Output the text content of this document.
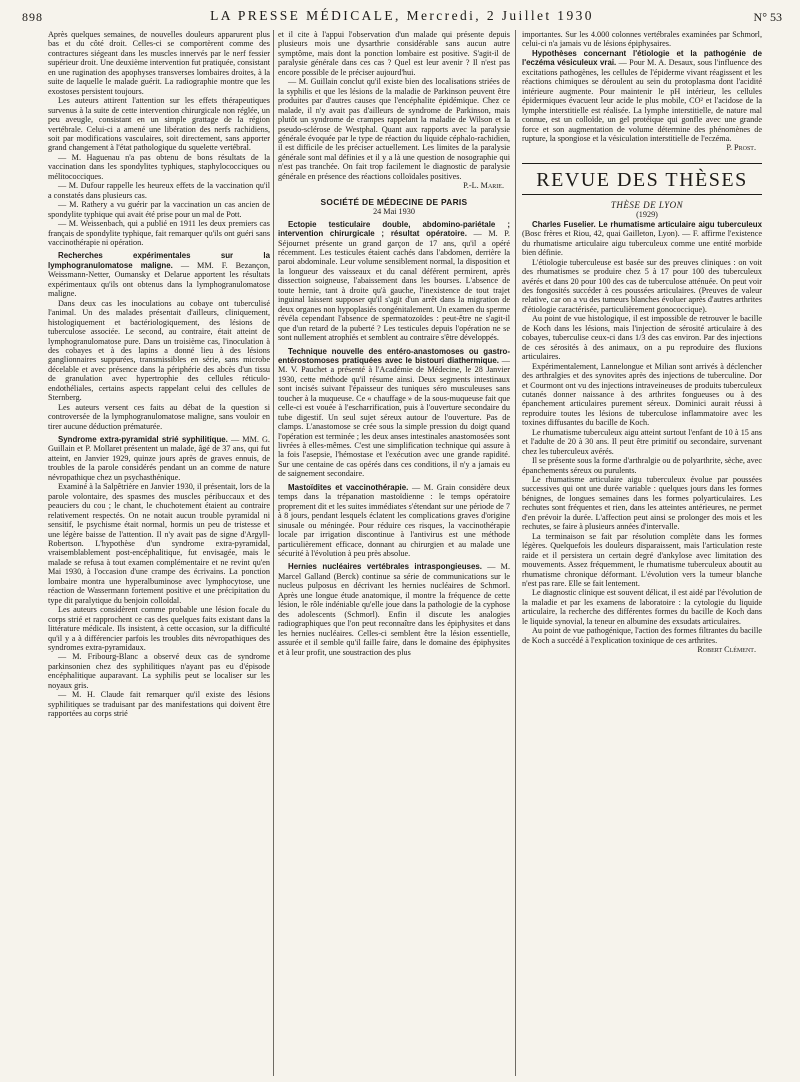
898	LA PRESSE MÉDICALE, Mercredi, 2 Juillet 1930	N° 53

Après quelques semaines, de nouvelles douleurs apparurent plus bas et du côté droit. Celles-ci se comportèrent comme des contractures siégeant dans les muscles innervés par le nerf fessier supérieur droit. Une deuxième intervention fut pratiquée, consistant en une rugination des apophyses transverses lombaires droites, à la suite de laquelle le malade guérit. La radiographie montre que les exostoses persistent toujours.

Les auteurs attirent l'attention sur les effets thérapeutiques survenus à la suite de cette intervention chirurgicale non réglée, un peu aveugle, consistant en un simple grattage de la région vertébrale. Celui-ci a amené une libération des nerfs rachidiens, soit par modifications vasculaires, soit directement, sans apporter grand changement à l'état pathologique du squelette vertébral.

— M. Haguenau n'a pas obtenu de bons résultats de la vaccination dans les spondylites typhiques, staphylococciques ou mélitococciques.

— M. Dufour rappelle les heureux effets de la vaccination qu'il a constatés dans plusieurs cas.

— M. Rathery a vu guérir par la vaccination un cas ancien de spondylite typhique qui avait été prise pour un mal de Pott.

— M. Weissenbach, qui a publié en 1911 les deux premiers cas français de spondylite typhique, fait remarquer qu'ils ont guéri sans vaccinothérapie ni opération.

Recherches expérimentales sur la lymphogranulomatose maligne. — MM. F. Bezançon, Weissmann-Netter, Oumansky et Delarue apportent les résultats expérimentaux qu'ils ont obtenus dans la lymphogranulomatose maligne.

Dans deux cas les inoculations au cobaye ont tuberculisé l'animal. Un des malades présentait d'ailleurs, cliniquement, histologiquement et bactériologiquement, des lésions de tuberculose associée. Le second, au contraire, était atteint de lymphogranulomatose pure. Dans un troisième cas, l'inoculation à des cobayes et à des lapins a donné lieu à des lésions ganglionnaires suppurées, transmissibles en série, sans microbe décelable et avec présence dans la périphérie des abcès d'un tissu de granulation avec hypertrophie des cellules réticulo-endothéliales, certains aspects rappelant celui des cellules de Sternberg.

Les auteurs versent ces faits au débat de la question si controversée de la lymphogranulomatose maligne, sans vouloir en tirer aucune déduction prématurée.

Syndrome extra-pyramidal strié syphilitique. — MM. G. Guillain et P. Mollaret présentent un malade, âgé de 37 ans, qui fut atteint, en Janvier 1929, quinze jours après de graves ennuis, de troubles de la parole considérés pendant un an comme de nature névropathique chez un psychasthénique.

Examiné à la Salpêtrière en Janvier 1930, il présentait, lors de la parole volontaire, des spasmes des muscles péribuccaux et des peauciers du cou ; le chant, le chuchotement étaient au contraire relativement respectés. On ne notait aucun trouble pyramidal ni sensitif, le psychisme était normal, hormis un peu de tristesse et une légère baisse de l'attention. Il n'y avait pas de signe d'Argyll-Robertson. L'hypothèse d'un syndrome extra-pyramidal, vraisemblablement post-encéphalitique, fut envisagée, mais le malade se refusa à tout examen complémentaire et ne revint qu'en Mai 1930, à l'occasion d'une crampe des écrivains. La ponction lombaire montra une hyperalbuminose avec lymphocytose, une réaction de Wassermann fortement positive et une précipitation du type dit paralytique du benjoin colloïdal.

Les auteurs considèrent comme probable une lésion focale du corps strié et rapprochent ce cas des quelques faits existant dans la littérature médicale. Ils insistent, à cette occasion, sur la difficulté qu'il y a à différencier parfois les troubles dits névropathiques des syndromes extra-pyramidaux.

— M. Fribourg-Blanc a observé deux cas de syndrome parkinsonien chez des syphilitiques n'ayant pas eu d'épisode encéphalitique auparavant. La syphilis peut se localiser sur les noyaux gris.

— M. H. Claude fait remarquer qu'il existe des lésions syphilitiques se traduisant par des manifestations qui doivent être rapportées au corps strié

et il cite à l'appui l'observation d'un malade qui présente depuis plusieurs mois une dysarthrie considérable sans aucun autre symptôme, mais dont la ponction lombaire est positive. S'agit-il de paralysie générale dans ces cas ? Quel est leur avenir ? Il n'est pas encore possible de le préciser aujourd'hui.

— M. Guillain conclut qu'il existe bien des localisations striées de la syphilis et que les lésions de la maladie de Parkinson peuvent être produites par d'autres causes que l'encéphalite épidémique. Chez ce malade, il n'y avait pas d'ailleurs de syndrome de Parkinson, mais plutôt un syndrome de crampes rappelant la maladie de Wilson et la pseudo-sclérose de Westphal. Quant aux rapports avec la paralysie générale évoquée par le type de réaction du liquide céphalo-rachidien, il est difficile de les préciser actuellement. Les limites de la paralysie générale sont mal définies et il y a là une question de nosographie qui n'est pas tranchée. On fait trop facilement le diagnostic de paralysie générale en présence des réactions colloïdales positives.

P.-L. Marie.

SOCIÉTÉ DE MÉDECINE DE PARIS

24 Mai 1930

Ectopie testiculaire double, abdomino-pariétale ; intervention chirurgicale ; résultat opératoire. — M. P. Séjournet présente un grand garçon de 17 ans, qu'il a opéré récemment. Les testicules étaient cachés dans l'abdomen, derrière la paroi abdominale. Leur volume sensiblement normal, la disposition et la longueur des vaisseaux et du canal déférent permirent, après dissection soigneuse, l'abaissement dans les bourses. L'absence de toute hernie, tant à droite qu'à gauche, l'inexistence de tout trajet inguinal laissent supposer qu'il s'agit d'un arrêt dans la migration de deux organes non hypoplasiés congénitalement. Un examen du sperme révéla cependant l'absence de spermatozoïdes : peut-être ne s'agit-il que d'un retard de la puberté ? Les testicules depuis l'opération ne se sont nullement atrophiés et semblent au contraire s'être développés.

Technique nouvelle des entéro-anastomoses ou gastro-entérostomoses pratiquées avec le bistouri diathermique. — M. V. Pauchet a présenté à l'Académie de Médecine, le 28 Janvier 1930, cette méthode qu'il résume ainsi. Deux segments intestinaux sont incisés suivant l'épaisseur des tuniques séro musculeuses sans toucher à la muqueuse. Ce « chauffage » de la sous-muqueuse fait que celle-ci est vouée à l'escharrification, puis à l'ouverture secondaire du tube digestif. Un seul sujet séreux autour de l'ouverture. Pas de clamps. L'anastomose se crée sous la simple pression du doigt quand l'opération est terminée ; les deux anses intestinales anastomosées sont livrées à elles-mêmes. C'est une simplification technique qui assure à la fois l'asepsie, l'hémostase et l'exécution avec une grande rapidité. Sur une centaine de cas opérés dans ces conditions, il n'y a jamais eu de saignement secondaire.

Mastoïdites et vaccinothérapie. — M. Grain considère deux temps dans la trépanation mastoïdienne : le temps opératoire proprement dit et les suites immédiates s'étendant sur une période de 7 à 8 jours, pendant lesquels éclatent les complications graves d'origine sinusale ou méningée. Pour réduire ces risques, la vaccinothérapie locale par irrigation discontinue à l'antivirus est une méthode particulièrement efficace, donnant au chirurgien et au malade une sécurité à l'évolution à peu près absolue.

Hernies nucléaires vertébrales intraspongieuses. — M. Marcel Galland (Berck) continue sa série de communications sur le nucleus pulposus en décrivant les hernies nucléaires de Schmorl. Après une longue étude anatomique, il montre la fréquence de cette lésion, le rôle indéniable qu'elle joue dans la pathologie de la cyphose des adolescents (Schmorl). Enfin il discute les analogies radiographiques que l'on peut reconnaître dans les épiphysites et dans les hernies nucléaires. Celles-ci semblent être la lésion essentielle, assurée et il semble qu'il faille faire, dans le domaine des épiphysites et à leur profit, une soustraction des plus

importantes. Sur les 4.000 colonnes vertébrales examinées par Schmorl, celui-ci n'a jamais vu de lésions épiphysaires.

Hypothèses concernant l'étiologie et la pathogénie de l'eczéma vésiculeux vrai. — Pour M. A. Desaux, sous l'influence des excitations pathogènes, les cellules de l'épiderme vivant réagissent et les réactions chimiques se déroulent au sein du protoplasma dont l'acidité intérieure augmente. Pour maintenir le pH intérieur, les cellules épidermiques évacuent leur acide le plus mobile, CO² et l'acidose de la lymphe interstitielle est réalisée. La lymphe interstitielle, de nature mal connue, est un colloïde, un gel protéique qui gonfle avec une grande force et son augmentation de volume détermine des phénomènes de rupture, la spongiose et la vésiculation interstitielle de l'eczéma.

P. Prost.

REVUE DES THÈSES

THÈSE DE LYON

(1929)

Charles Fuselier. Le rhumatisme articulaire aigu tuberculeux (Bosc frères et Riou, 42, quai Gailleton, Lyon). — F. affirme l'existence du rhumatisme articulaire aigu tuberculeux comme une entité morbide bien définie.

L'étiologie tuberculeuse est basée sur des preuves cliniques : on voit des rhumatismes se produire chez 5 à 17 pour 100 des tuberculeux avérés et dans 20 pour 100 des cas de tuberculose atténuée. On peut voir des fongosités succéder à ces poussées articulaires. (Preuves de valeur relative, car on a vu des tumeurs blanches évoluer après d'autres arthrites d'étiologie caractérisée, particulièrement gonococcique).

Au point de vue histologique, il est impossible de retrouver le bacille de Koch dans les lésions, mais l'injection de sérosité articulaire à des cobayes, tuberculise ceux-ci dans 1/3 des cas environ. Par des injections de ces sérosités à des animaux, on a pu reproduire des fluxions articulaires.

Expérimentalement, Lannelongue et Milian sont arrivés à déclencher des arthralgies et des synovites après des injections de tuberculine. Dor et Courmont ont vu des injections intraveineuses de produits tuberculeux cutanés donner naissance à des arthrites fongueuses ou à des épanchement articulaires purement séreux. Dominici aurait réussi à reproduire toutes les lésions de tuberculose inflammatoire avec les toxines diffusantes du bacille de Koch.

Le rhumatisme tuberculeux aigu atteint surtout l'enfant de 10 à 15 ans et l'adulte de 20 à 30 ans. Il peut être primitif ou secondaire, survenant chez les tuberculeux avérés.

Il se présente sous la forme d'arthralgie ou de polyarthrite, sèche, avec épanchements séreux ou purulents.

Le rhumatisme articulaire aigu tuberculeux évolue par poussées successives qui ont une durée variable : quelques jours dans les formes bénignes, de longues semaines dans les formes polyarticulaires. Les rechutes sont fréquentes et rien, dans les atteintes antérieures, ne permet d'en prévoir la durée. L'affection peut ainsi se prolonger des mois et les rechutes, se faire à plusieurs années d'intervalle.

La terminaison se fait par résolution complète dans les formes légères. Quelquefois les douleurs disparaissent, mais l'articulation reste raide et il persistera un certain degré d'ankylose avec limitation des mouvements. Assez fréquemment, le rhumatisme tuberculeux aboutit au rhumatisme chronique déformant. L'évolution vers la tumeur blanche n'est pas rare. Elle se fait lentement.

Le diagnostic clinique est souvent délicat, il est aidé par l'évolution de la maladie et par les examens de laboratoire : la cytologie du liquide articulaire, la recherche des différentes formes du bacille de Koch dans le liquide synovial, la teneur en albumine des exsudats articulaires.

Au point de vue pathogénique, l'action des formes filtrantes du bacille de Koch a succédé à l'explication toxinique de ces arthrites.

Robert Clément.
